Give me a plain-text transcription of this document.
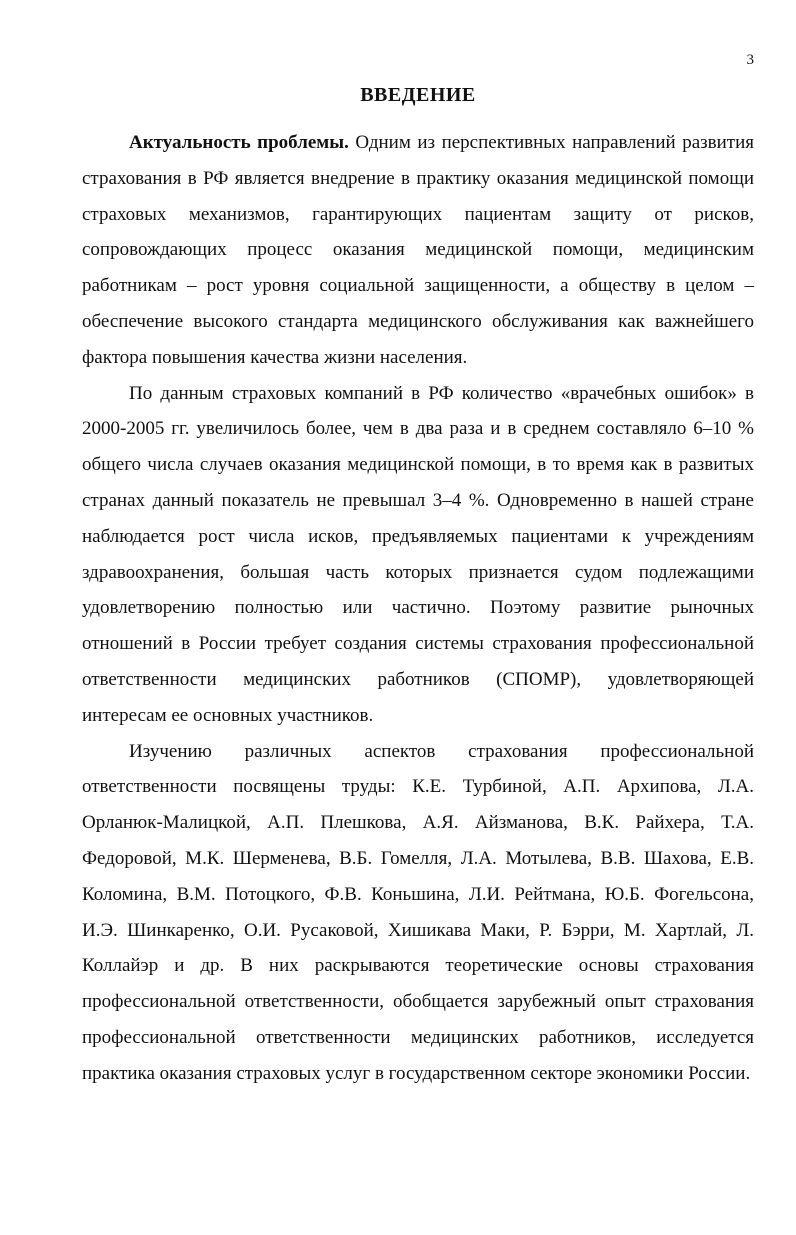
3
ВВЕДЕНИЕ

Актуальность проблемы. Одним из перспективных направлений развития страхования в РФ является внедрение в практику оказания медицинской помощи страховых механизмов, гарантирующих пациентам защиту от рисков, сопровождающих процесс оказания медицинской помощи, медицинским работникам – рост уровня социальной защищенности, а обществу в целом – обеспечение высокого стандарта медицинского обслуживания как важнейшего фактора повышения качества жизни населения.

По данным страховых компаний в РФ количество «врачебных ошибок» в 2000-2005 гг. увеличилось более, чем в два раза и в среднем составляло 6–10 % общего числа случаев оказания медицинской помощи, в то время как в развитых странах данный показатель не превышал 3–4 %. Одновременно в нашей стране наблюдается рост числа исков, предъявляемых пациентами к учреждениям здравоохранения, большая часть которых признается судом подлежащими удовлетворению полностью или частично. Поэтому развитие рыночных отношений в России требует создания системы страхования профессиональной ответственности медицинских работников (СПОМР), удовлетворяющей интересам ее основных участников.

Изучению различных аспектов страхования профессиональной ответственности посвящены труды: К.Е. Турбиной, А.П. Архипова, Л.А. Орланюк-Малицкой, А.П. Плешкова, А.Я. Айзманова, В.К. Райхера, Т.А. Федоровой, М.К. Шерменева, В.Б. Гомелля, Л.А. Мотылева, В.В. Шахова, Е.В. Коломина, В.М. Потоцкого, Ф.В. Коньшина, Л.И. Рейтмана, Ю.Б. Фогельсона, И.Э. Шинкаренко, О.И. Русаковой, Хишикава Маки, Р. Бэрри, М. Хартлай, Л. Коллайэр и др. В них раскрываются теоретические основы страхования профессиональной ответственности, обобщается зарубежный опыт страхования профессиональной ответственности медицинских работников, исследуется практика оказания страховых услуг в государственном секторе экономики России.
